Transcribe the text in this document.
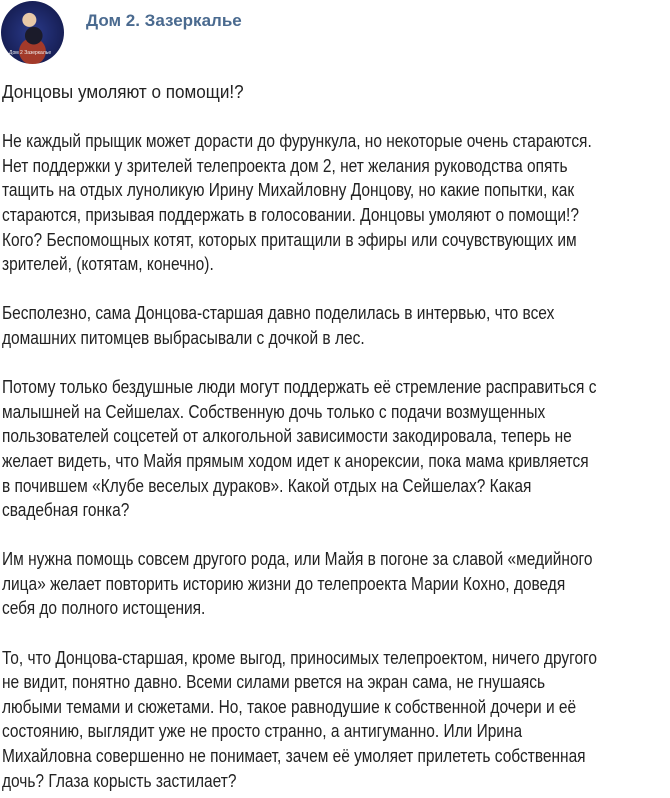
Дом 2 Зазеркалье
Дом 2. Зазеркалье
Донцовы умоляют о помощи!?
Не каждый прыщик может дорасти до фурункула, но некоторые очень стараются.
Нет поддержки у зрителей телепроекта дом 2, нет желания руководства опять
тащить на отдых луноликую Ирину Михайловну Донцову, но какие попытки, как
стараются, призывая поддержать в голосовании. Донцовы умоляют о помощи!?
Кого? Беспомощных котят, которых притащили в эфиры или сочувствующих им
зрителей, (котятам, конечно).
Бесполезно, сама Донцова-старшая давно поделилась в интервью, что всех
домашних питомцев выбрасывали с дочкой в лес.
Потому только бездушные люди могут поддержать её стремление расправиться с
малышней на Сейшелах. Собственную дочь только с подачи возмущенных
пользователей соцсетей от алкогольной зависимости закодировала, теперь не
желает видеть, что Майя прямым ходом идет к анорексии, пока мама кривляется
в почившем «Клубе веселых дураков». Какой отдых на Сейшелах? Какая
свадебная гонка?
Им нужна помощь совсем другого рода, или Майя в погоне за славой «медийного
лица» желает повторить историю жизни до телепроекта Марии Кохно, доведя
себя до полного истощения.
То, что Донцова-старшая, кроме выгод, приносимых телепроектом, ничего другого
не видит, понятно давно. Всеми силами рвется на экран сама, не гнушаясь
любыми темами и сюжетами. Но, такое равнодушие к собственной дочери и её
состоянию, выглядит уже не просто странно, а антигуманно. Или Ирина
Михайловна совершенно не понимает, зачем её умоляет прилететь собственная
дочь? Глаза корысть застилает?
